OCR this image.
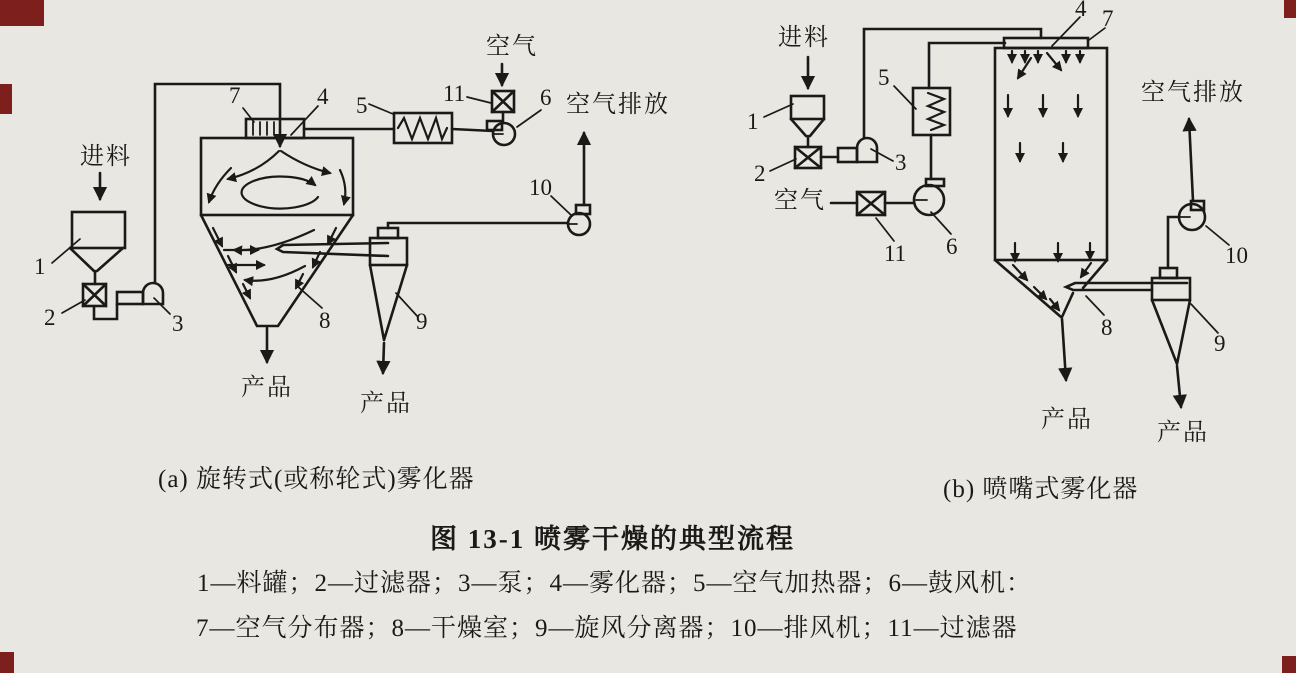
进料
1
2	3
7	4 5	11
空气
6 空气排放
10
8	9
产品
产品
进料
1
2	3
5
4 7
空气
11 6
空气排放
10
8
9
产品	产品
(a) 旋转式(或称轮式)雾化器	(b) 喷嘴式雾化器
图 13-1 喷雾干燥的典型流程
1—料罐；2—过滤器；3—泵；4—雾化器；5—空气加热器；6—鼓风机：
7—空气分布器；8—干燥室；9—旋风分离器；10—排风机；11—过滤器
